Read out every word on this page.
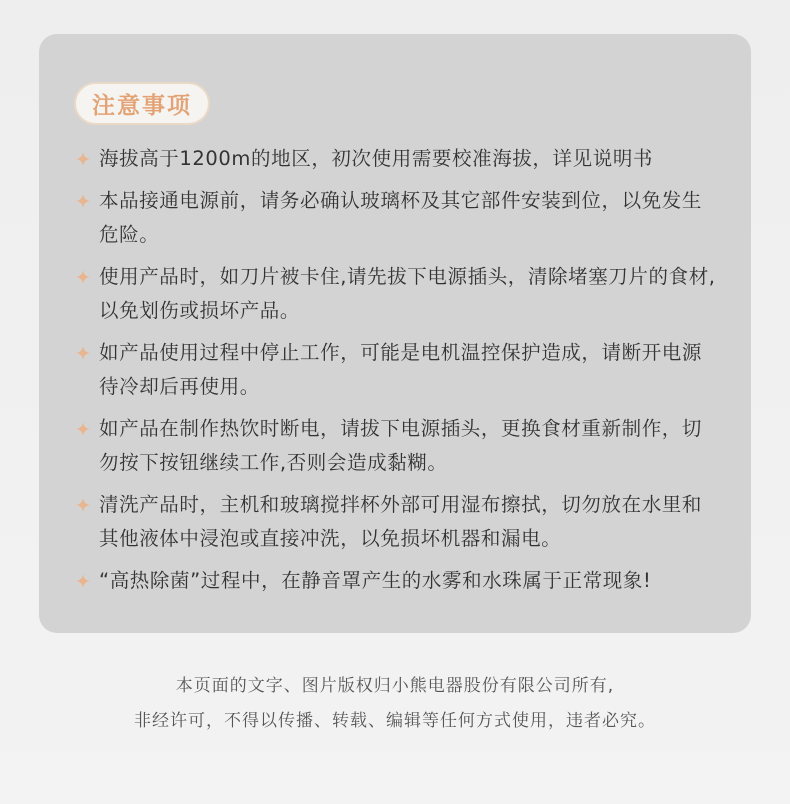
注意事项
海拔高于1200m的地区，初次使用需要校准海拔，详见说明书
本品接通电源前，请务必确认玻璃杯及其它部件安装到位，以免发生危险。
使用产品时，如刀片被卡住,请先拔下电源插头，清除堵塞刀片的食材,以免划伤或损坏产品。
如产品使用过程中停止工作，可能是电机温控保护造成，请断开电源待冷却后再使用。
如产品在制作热饮时断电，请拔下电源插头，更换食材重新制作，切勿按下按钮继续工作,否则会造成黏糊。
清洗产品时，主机和玻璃搅拌杯外部可用湿布擦拭，切勿放在水里和其他液体中浸泡或直接冲洗，以免损坏机器和漏电。
“高热除菌”过程中，在静音罩产生的水雾和水珠属于正常现象!
本页面的文字、图片版权归小熊电器股份有限公司所有,
非经许可，不得以传播、转载、编辑等任何方式使用，违者必究。
